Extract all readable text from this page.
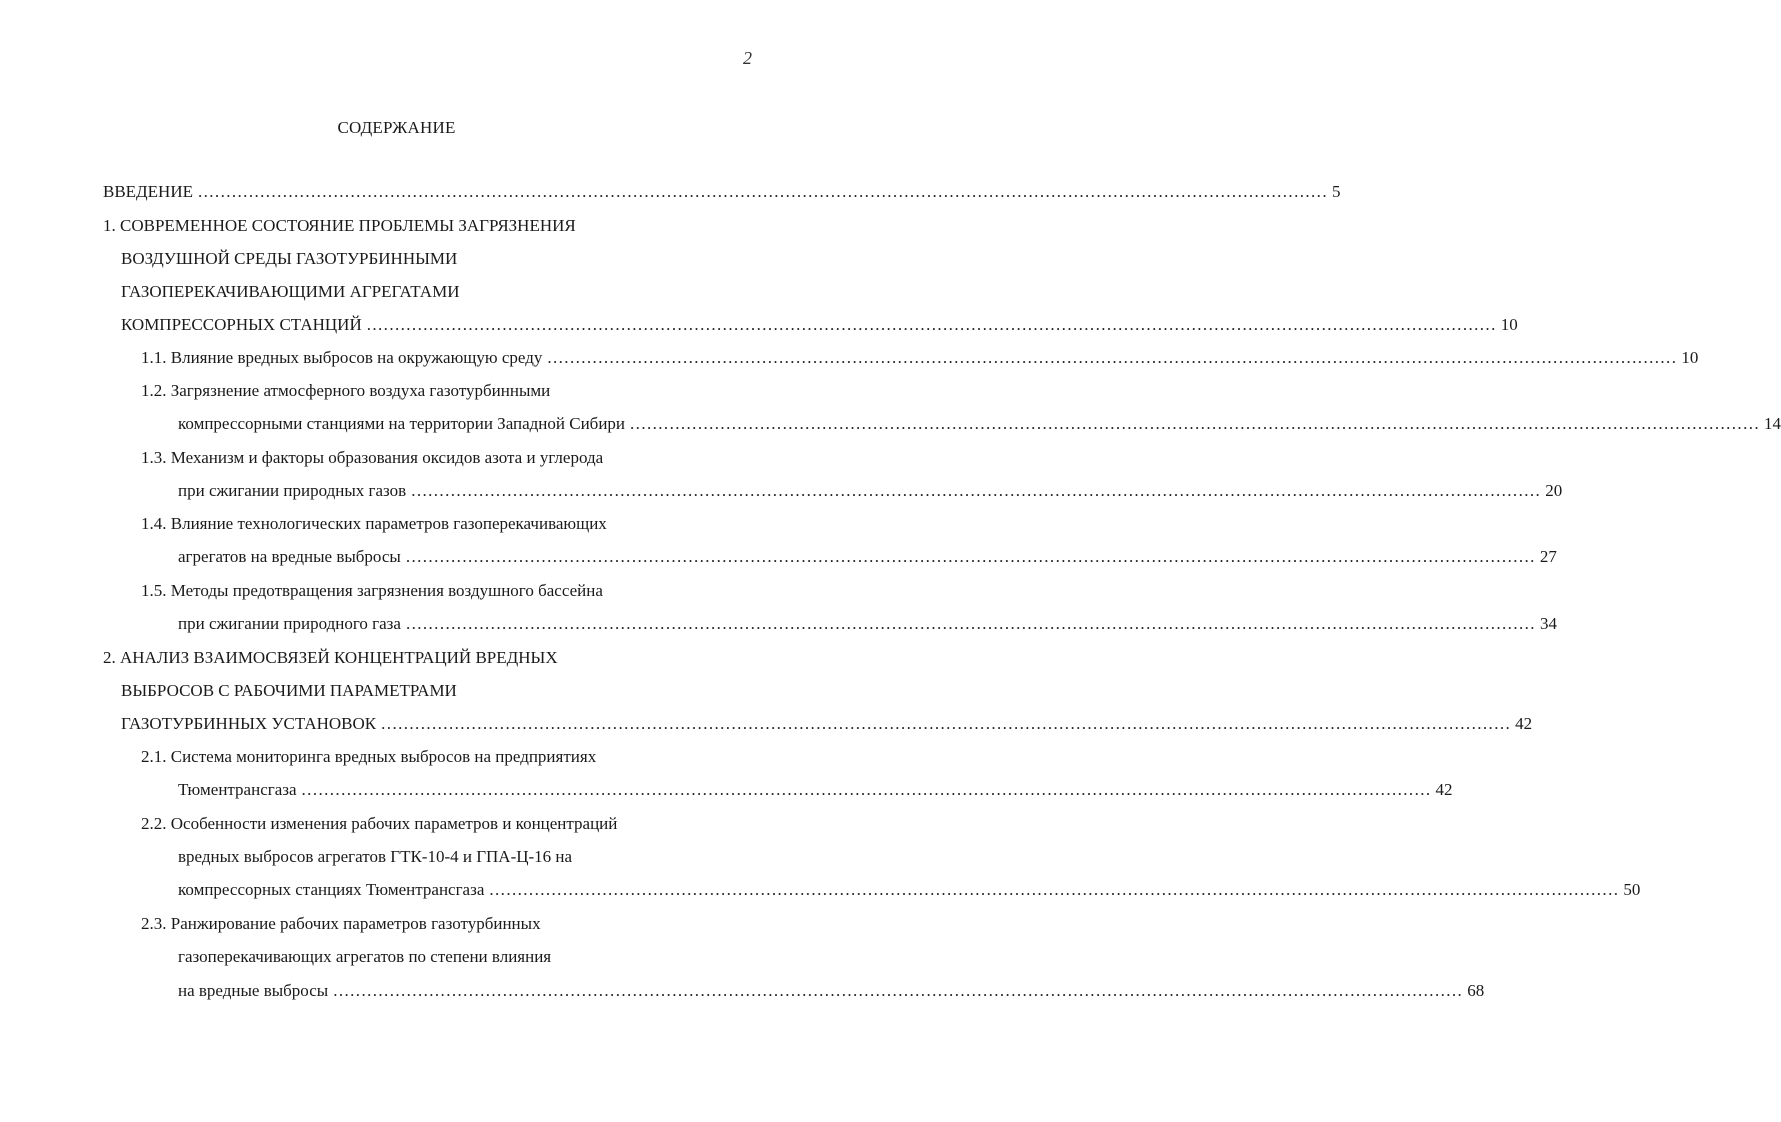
2
СОДЕРЖАНИЕ
ВВЕДЕНИЕ ........................................................................................................................................................................................................ 5
1. СОВРЕМЕННОЕ СОСТОЯНИЕ ПРОБЛЕМЫ ЗАГРЯЗНЕНИЯ
ВОЗДУШНОЙ СРЕДЫ ГАЗОТУРБИННЫМИ
ГАЗОПЕРЕКАЧИВАЮЩИМИ АГРЕГАТАМИ
КОМПРЕССОРНЫХ СТАНЦИЙ ........................................................................................................................................................................................................ 10
1.1. Влияние вредных выбросов на окружающую среду ........................................................................................................................................................................................................ 10
1.2. Загрязнение атмосферного воздуха газотурбинными
компрессорными станциями на территории Западной Сибири ........................................................................................................................................................................................................ 14
1.3. Механизм и факторы образования оксидов азота и углерода
при сжигании природных газов ........................................................................................................................................................................................................ 20
1.4. Влияние технологических параметров газоперекачивающих
агрегатов на вредные выбросы ........................................................................................................................................................................................................ 27
1.5. Методы предотвращения загрязнения воздушного бассейна
при сжигании природного газа ........................................................................................................................................................................................................ 34
2. АНАЛИЗ ВЗАИМОСВЯЗЕЙ КОНЦЕНТРАЦИЙ ВРЕДНЫХ
ВЫБРОСОВ С РАБОЧИМИ ПАРАМЕТРАМИ
ГАЗОТУРБИННЫХ УСТАНОВОК ........................................................................................................................................................................................................ 42
2.1. Система мониторинга вредных выбросов на предприятиях
Тюментрансгаза ........................................................................................................................................................................................................ 42
2.2. Особенности изменения рабочих параметров и концентраций
вредных выбросов агрегатов ГТК-10-4 и ГПА-Ц-16 на
компрессорных станциях Тюментрансгаза ........................................................................................................................................................................................................ 50
2.3. Ранжирование рабочих параметров газотурбинных
газоперекачивающих агрегатов по степени влияния
на вредные выбросы ........................................................................................................................................................................................................ 68
